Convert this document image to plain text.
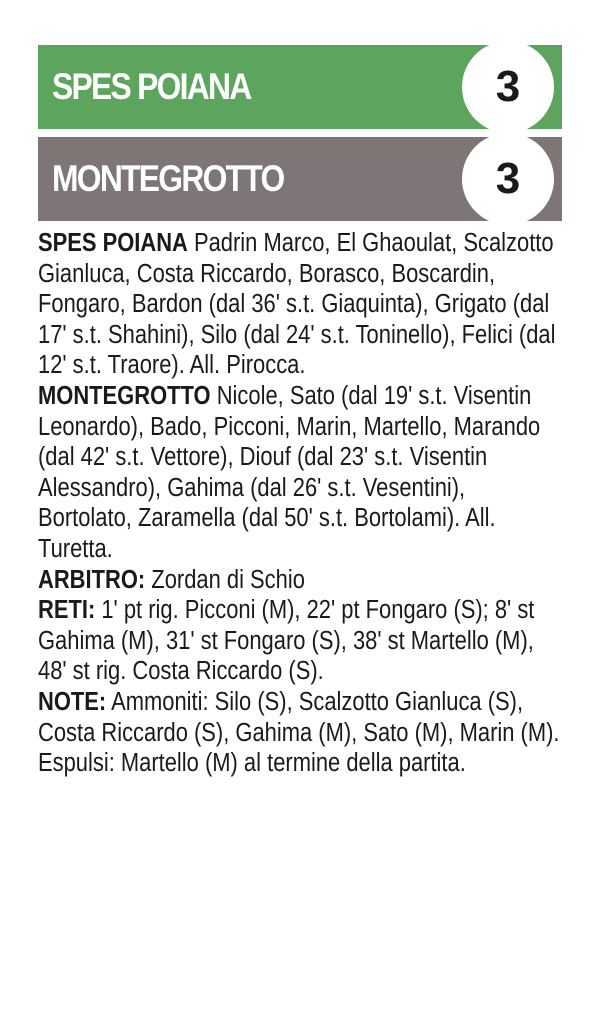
SPES POIANA	3
MONTEGROTTO	3

SPES POIANA Padrin Marco, El Ghaoulat, Scalzotto Gianluca, Costa Riccardo, Borasco, Boscardin, Fongaro, Bardon (dal 36' s.t. Giaquinta), Grigato (dal 17' s.t. Shahini), Silo (dal 24' s.t. Toninello), Felici (dal 12' s.t. Traore). All. Pirocca.

MONTEGROTTO Nicole, Sato (dal 19' s.t. Visentin Leonardo), Bado, Picconi, Marin, Martello, Marando (dal 42' s.t. Vettore), Diouf (dal 23' s.t. Visentin Alessandro), Gahima (dal 26' s.t. Vesentini), Bortolato, Zaramella (dal 50' s.t. Bortolami). All. Turetta.

ARBITRO: Zordan di Schio

RETI: 1' pt rig. Picconi (M), 22' pt Fongaro (S); 8' st Gahima (M), 31' st Fongaro (S), 38' st Martello (M), 48' st rig. Costa Riccardo (S).

NOTE: Ammoniti: Silo (S), Scalzotto Gianluca (S), Costa Riccardo (S), Gahima (M), Sato (M), Marin (M). Espulsi: Martello (M) al termine della partita.
